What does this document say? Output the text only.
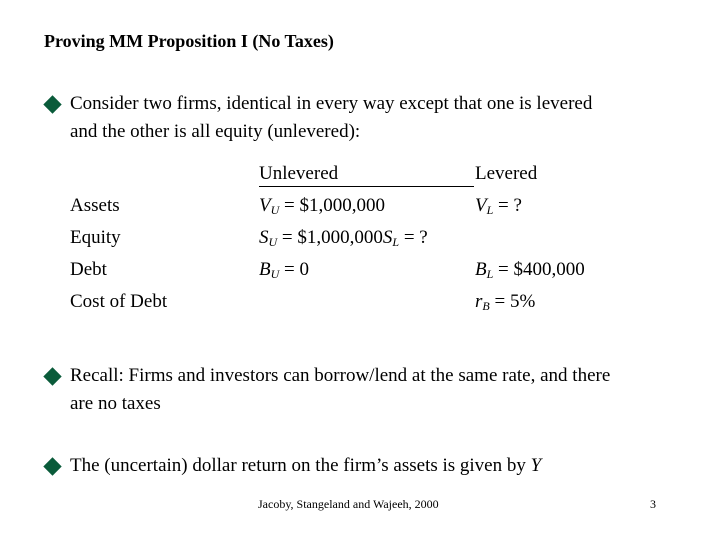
Proving MM Proposition I (No Taxes)
Consider two firms, identical in every way except that one is levered
and the other is all equity (unlevered):
Unlevered	Levered
Assets
Equity
Debt
Cost of Debt
$V_U$ = $1,000,000
$S_U$ = $\$1,000,000S_L$ = ?
$B_U = 0$
$V_L$ = ?
$B_L$ = $400,000
$r_B = 5\%$
Recall: Firms and investors can borrow/lend at the same rate, and there
are no taxes
The (uncertain) dollar return on the firm’s assets is given by Y
Jacoby, Stangeland and Wajeeh, 2000	3
